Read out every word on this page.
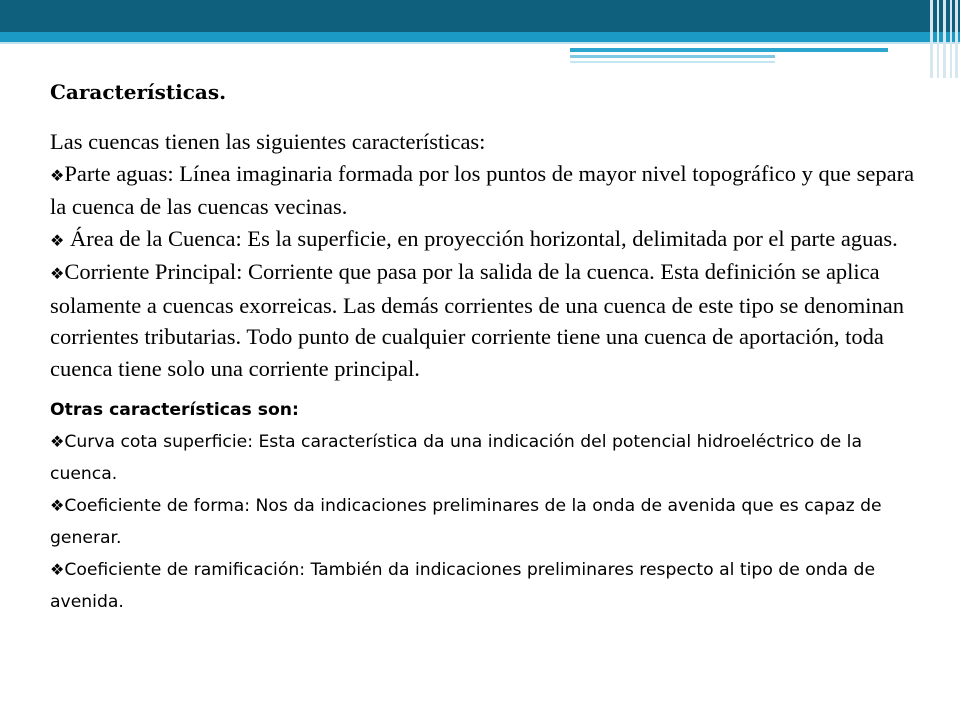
Características.

Las cuencas tienen las siguientes características:

❖Parte aguas: Línea imaginaria formada por los puntos de mayor nivel topográfico y que separa la cuenca de las cuencas vecinas.

❖ Área de la Cuenca: Es la superficie, en proyección horizontal, delimitada por el parte aguas.

❖Corriente Principal: Corriente que pasa por la salida de la cuenca. Esta definición se aplica solamente a cuencas exorreicas. Las demás corrientes de una cuenca de este tipo se denominan corrientes tributarias. Todo punto de cualquier corriente tiene una cuenca de aportación, toda cuenca tiene solo una corriente principal.

Otras características son:

❖Curva cota superficie: Esta característica da una indicación del potencial hidroeléctrico de la cuenca.

❖Coeficiente de forma: Nos da indicaciones preliminares de la onda de avenida que es capaz de generar.

❖Coeficiente de ramificación: También da indicaciones preliminares respecto al tipo de onda de avenida.
